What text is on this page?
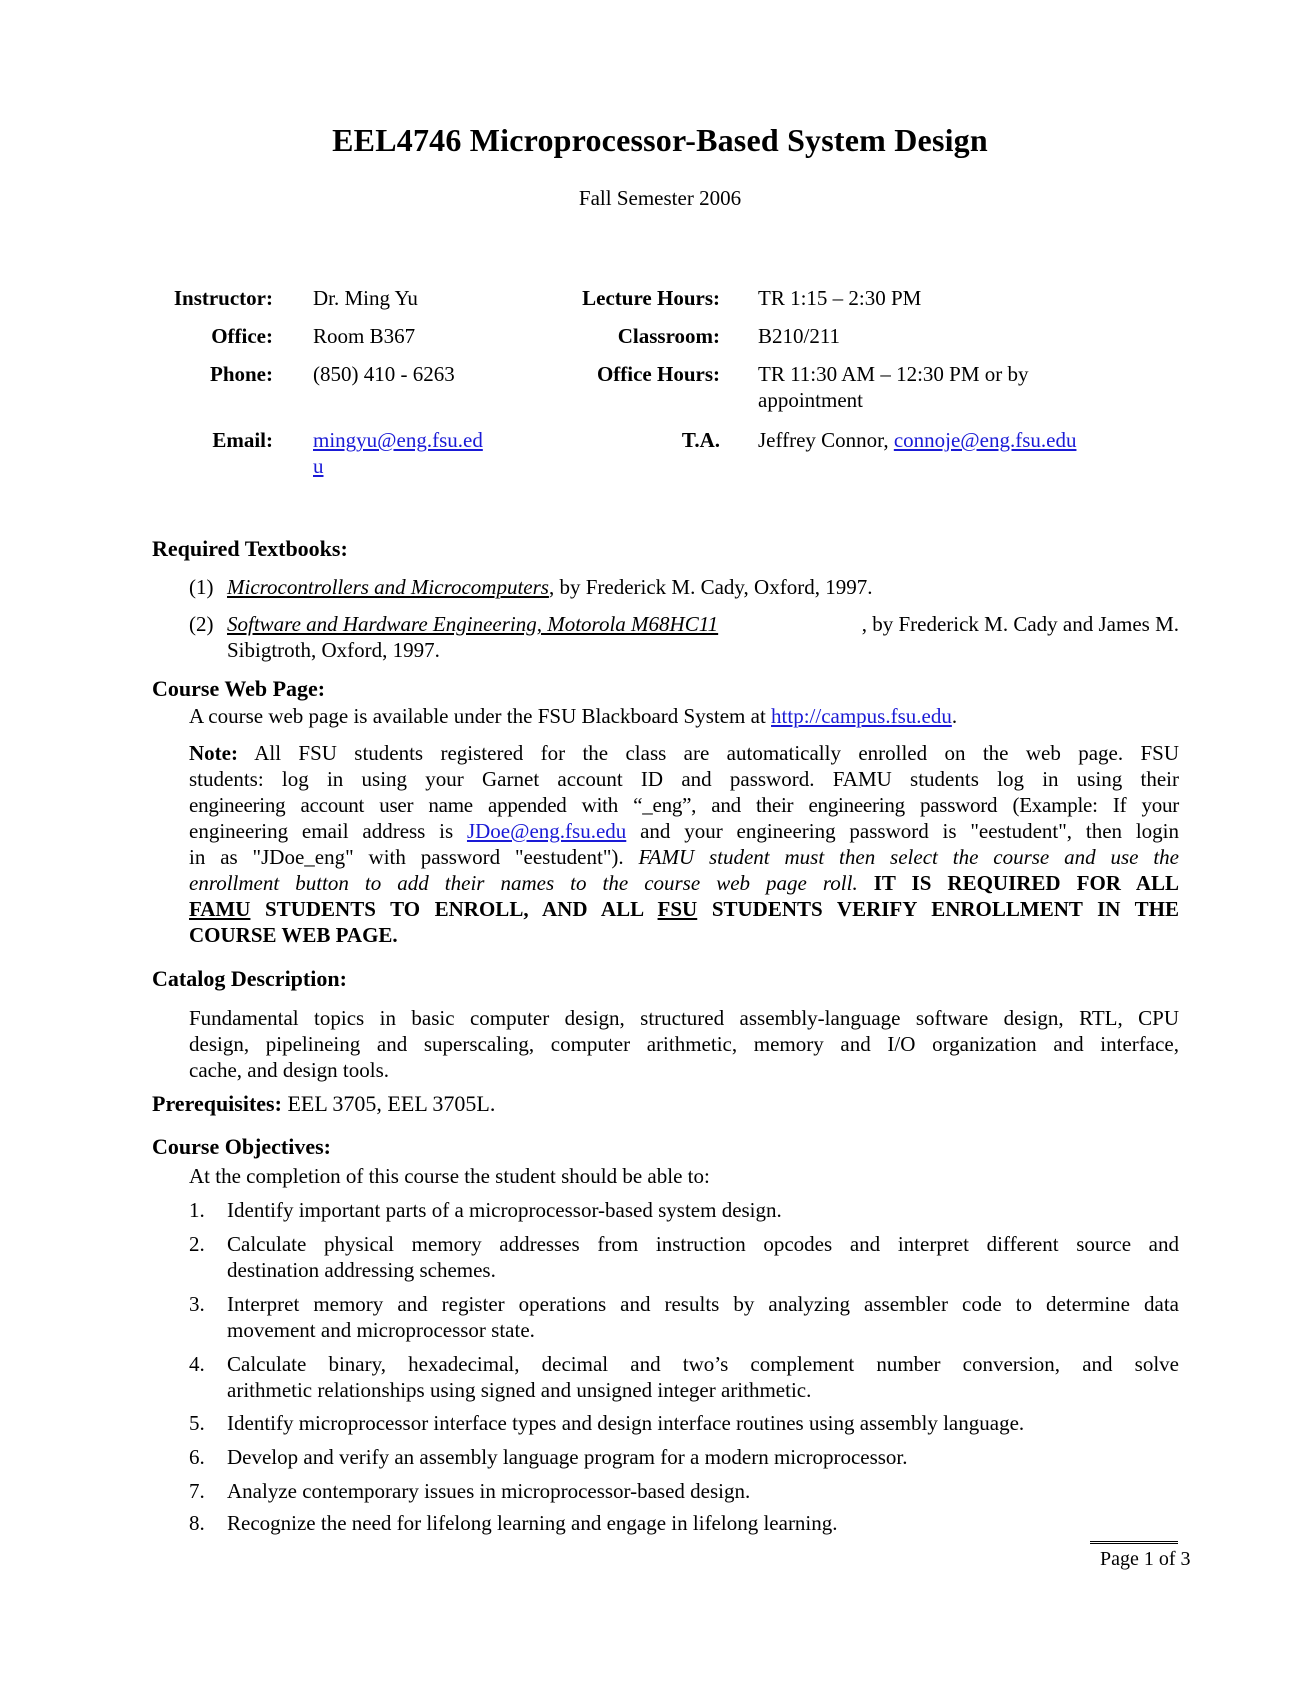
EEL4746 Microprocessor-Based System Design
Fall Semester 2006
Instructor: Dr. Ming Yu
Office: Room B367
Phone: (850) 410 - 6263
Email: mingyu@eng.fsu.ed
u
Lecture Hours: TR 1:15 – 2:30 PM
Classroom: B210/211
Office Hours: TR 11:30 AM – 12:30 PM or by
appointment
T.A. Jeffrey Connor, connoje@eng.fsu.edu
Required Textbooks:
(1) Microcontrollers and Microcomputers, by Frederick M. Cady, Oxford, 1997.
(2) Software and Hardware Engineering, Motorola M68HC11	, by Frederick M. Cady and James M.
Sibigtroth, Oxford, 1997.
Course Web Page:
A course web page is available under the FSU Blackboard System at http://campus.fsu.edu.
Note: All FSU students registered for the class are automatically enrolled on the web page. FSU
students: log in using your Garnet account ID and password. FAMU students log in using their
engineering account user name appended with “_eng”, and their engineering password (Example: If your
engineering email address is JDoe@eng.fsu.edu and your engineering password is "eestudent", then login
in as "JDoe_eng" with password "eestudent"). FAMU student must then select the course and use the
enrollment button to add their names to the course web page roll. IT IS REQUIRED FOR ALL
FAMU STUDENTS TO ENROLL, AND ALL FSU STUDENTS VERIFY ENROLLMENT IN THE
COURSE WEB PAGE.
Catalog Description:
Fundamental topics in basic computer design, structured assembly-language software design, RTL, CPU
design, pipelineing and superscaling, computer arithmetic, memory and I/O organization and interface,
cache, and design tools.
Prerequisites: EEL 3705, EEL 3705L.
Course Objectives:
At the completion of this course the student should be able to:
1. Identify important parts of a microprocessor-based system design.
2. Calculate physical memory addresses from instruction opcodes and interpret different source and
destination addressing schemes.
3. Interpret memory and register operations and results by analyzing assembler code to determine data
movement and microprocessor state.
4. Calculate binary, hexadecimal, decimal and two’s complement number conversion, and solve
arithmetic relationships using signed and unsigned integer arithmetic.
5. Identify microprocessor interface types and design interface routines using assembly language.
6. Develop and verify an assembly language program for a modern microprocessor.
7. Analyze contemporary issues in microprocessor-based design.
8. Recognize the need for lifelong learning and engage in lifelong learning.
Page 1 of 3
